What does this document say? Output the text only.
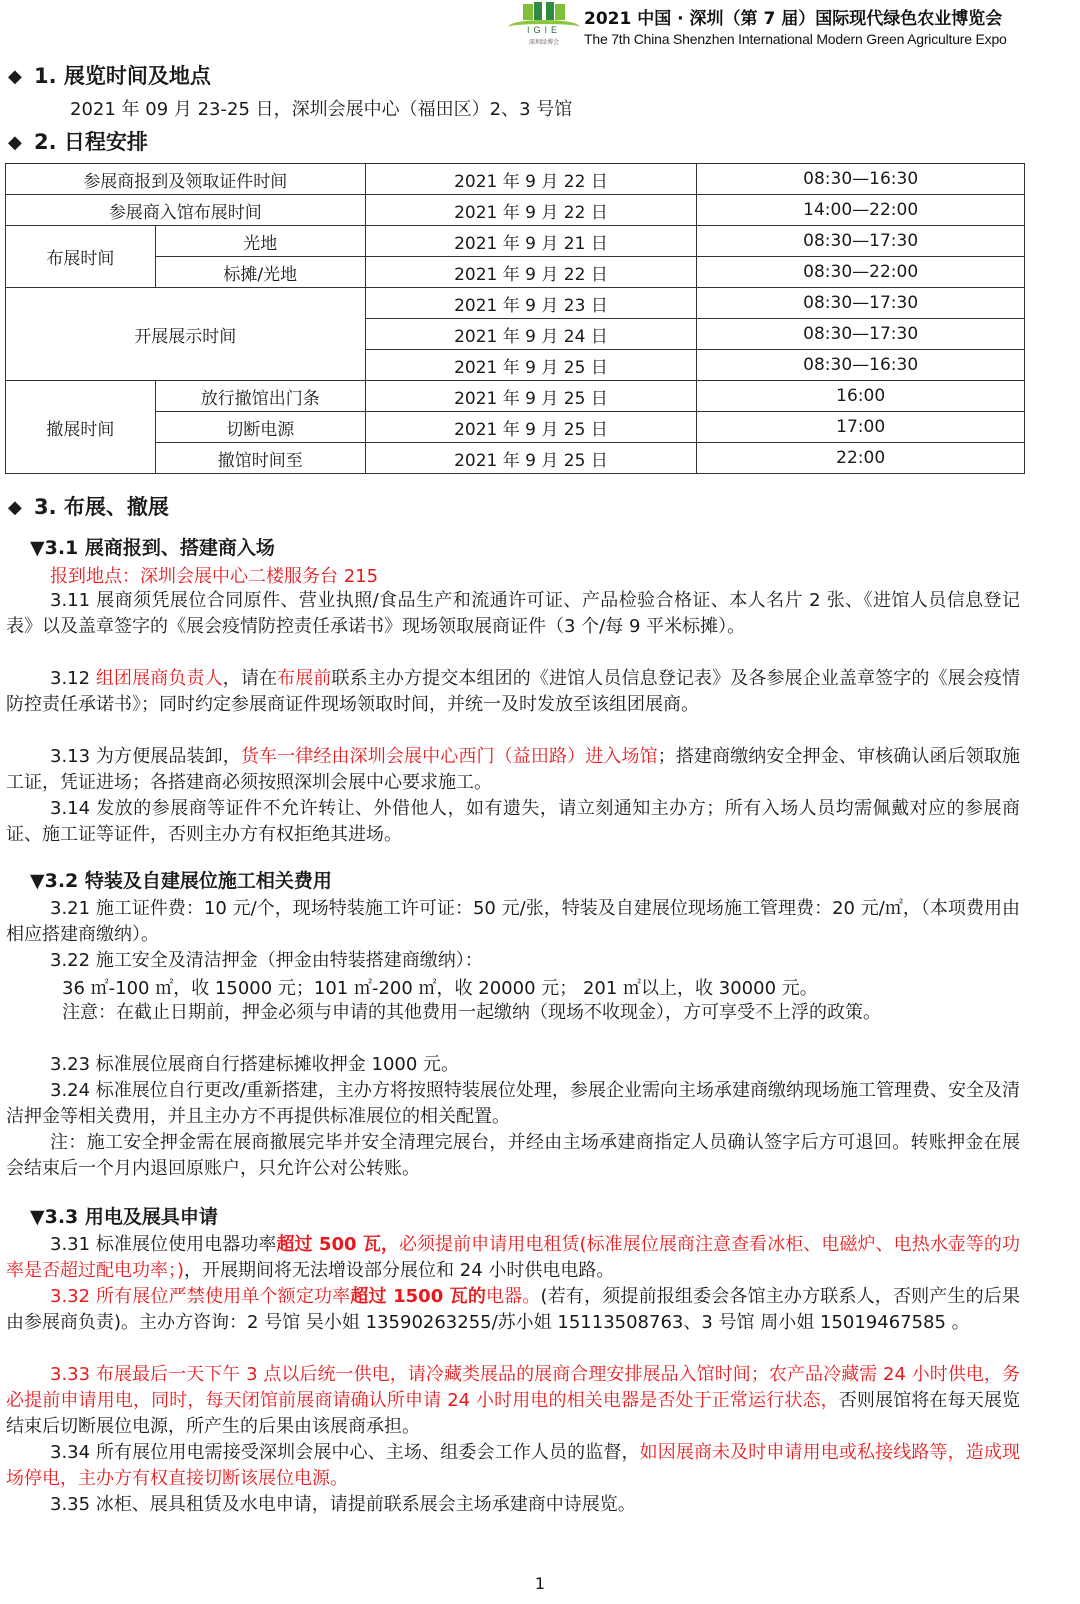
IGIE
深圳绿博会
2021 中国 · 深圳（第 7 届）国际现代绿色农业博览会
The 7th China Shenzhen International Modern Green Agriculture Expo
◆ 1. 展览时间及地点
2021 年 09 月 23-25 日，深圳会展中心（福田区）2、3 号馆
◆ 2. 日程安排
参展商报到及领取证件时间		2021 年 9 月 22 日	08:30—16:30
参展商入馆布展时间		2021 年 9 月 22 日	14:00—22:00
布展时间	光地	2021 年 9 月 21 日	08:30—17:30
	标摊/光地	2021 年 9 月 22 日	08:30—22:00
开展展示时间		2021 年 9 月 23 日	08:30—17:30
		2021 年 9 月 24 日	08:30—17:30
		2021 年 9 月 25 日	08:30—16:30
撤展时间	放行撤馆出门条	2021 年 9 月 25 日	16:00
	切断电源	2021 年 9 月 25 日	17:00
	撤馆时间至	2021 年 9 月 25 日	22:00
◆ 3. 布展、撤展
▼3.1 展商报到、搭建商入场
报到地点：深圳会展中心二楼服务台 215
3.11 展商须凭展位合同原件、营业执照/食品生产和流通许可证、产品检验合格证、本人名片 2 张、《进馆人员信息登记表》以及盖章签字的《展会疫情防控责任承诺书》现场领取展商证件（3 个/每 9 平米标摊）。
3.12 组团展商负责人，请在布展前联系主办方提交本组团的《进馆人员信息登记表》及各参展企业盖章签字的《展会疫情防控责任承诺书》；同时约定参展商证件现场领取时间，并统一及时发放至该组团展商。
3.13 为方便展品装卸，货车一律经由深圳会展中心西门（益田路）进入场馆；搭建商缴纳安全押金、审核确认函后领取施工证，凭证进场；各搭建商必须按照深圳会展中心要求施工。
3.14 发放的参展商等证件不允许转让、外借他人，如有遗失，请立刻通知主办方；所有入场人员均需佩戴对应的参展商证、施工证等证件，否则主办方有权拒绝其进场。
▼3.2 特装及自建展位施工相关费用
3.21 施工证件费：10 元/个，现场特装施工许可证：50 元/张，特装及自建展位现场施工管理费：20 元/㎡，（本项费用由相应搭建商缴纳）。
3.22 施工安全及清洁押金（押金由特装搭建商缴纳）：
36 ㎡-100 ㎡，收 15000 元；101 ㎡-200 ㎡，收 20000 元； 201 ㎡以上，收 30000 元。
注意：在截止日期前，押金必须与申请的其他费用一起缴纳（现场不收现金），方可享受不上浮的政策。
3.23 标准展位展商自行搭建标摊收押金 1000 元。
3.24 标准展位自行更改/重新搭建，主办方将按照特装展位处理，参展企业需向主场承建商缴纳现场施工管理费、安全及清洁押金等相关费用，并且主办方不再提供标准展位的相关配置。
注：施工安全押金需在展商撤展完毕并安全清理完展台，并经由主场承建商指定人员确认签字后方可退回。转账押金在展会结束后一个月内退回原账户，只允许公对公转账。
▼3.3 用电及展具申请
3.31 标准展位使用电器功率超过 500 瓦，必须提前申请用电租赁(标准展位展商注意查看冰柜、电磁炉、电热水壶等的功率是否超过配电功率；)，开展期间将无法增设部分展位和 24 小时供电电路。
3.32 所有展位严禁使用单个额定功率超过 1500 瓦的电器。(若有，须提前报组委会各馆主办方联系人，否则产生的后果由参展商负责)。主办方咨询：2 号馆 吴小姐 13590263255/苏小姐 15113508763、3 号馆 周小姐 15019467585 。
3.33 布展最后一天下午 3 点以后统一供电，请冷藏类展品的展商合理安排展品入馆时间；农产品冷藏需 24 小时供电，务必提前申请用电，同时，每天闭馆前展商请确认所申请 24 小时用电的相关电器是否处于正常运行状态，否则展馆将在每天展览结束后切断展位电源，所产生的后果由该展商承担。
3.34 所有展位用电需接受深圳会展中心、主场、组委会工作人员的监督，如因展商未及时申请用电或私接线路等，造成现场停电，主办方有权直接切断该展位电源。
3.35 冰柜、展具租赁及水电申请，请提前联系展会主场承建商中诗展览。
1
